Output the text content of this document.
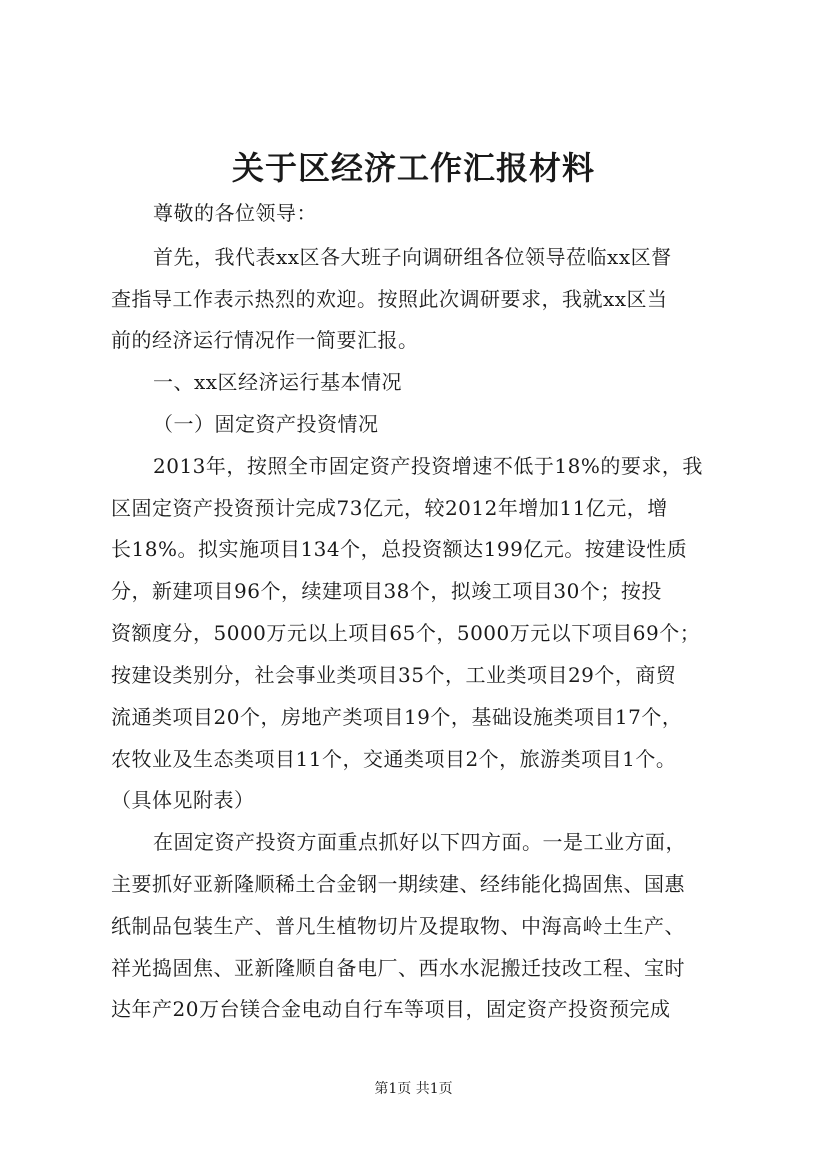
关于区经济工作汇报材料
尊敬的各位领导：
首先，我代表xx区各大班子向调研组各位领导莅临xx区督
查指导工作表示热烈的欢迎。按照此次调研要求，我就xx区当
前的经济运行情况作一简要汇报。
一、xx区经济运行基本情况
（一）固定资产投资情况
2013年，按照全市固定资产投资增速不低于18%的要求，我
区固定资产投资预计完成73亿元，较2012年增加11亿元，增
长18%。拟实施项目134个，总投资额达199亿元。按建设性质
分，新建项目96个，续建项目38个，拟竣工项目30个；按投
资额度分，5000万元以上项目65个，5000万元以下项目69个；
按建设类别分，社会事业类项目35个，工业类项目29个，商贸
流通类项目20个，房地产类项目19个，基础设施类项目17个，
农牧业及生态类项目11个，交通类项目2个，旅游类项目1个。
（具体见附表）
在固定资产投资方面重点抓好以下四方面。一是工业方面，
主要抓好亚新隆顺稀土合金钢一期续建、经纬能化捣固焦、国惠
纸制品包装生产、普凡生植物切片及提取物、中海高岭土生产、
祥光捣固焦、亚新隆顺自备电厂、西水水泥搬迁技改工程、宝时
达年产20万台镁合金电动自行车等项目，固定资产投资预完成
第1页 共1页
